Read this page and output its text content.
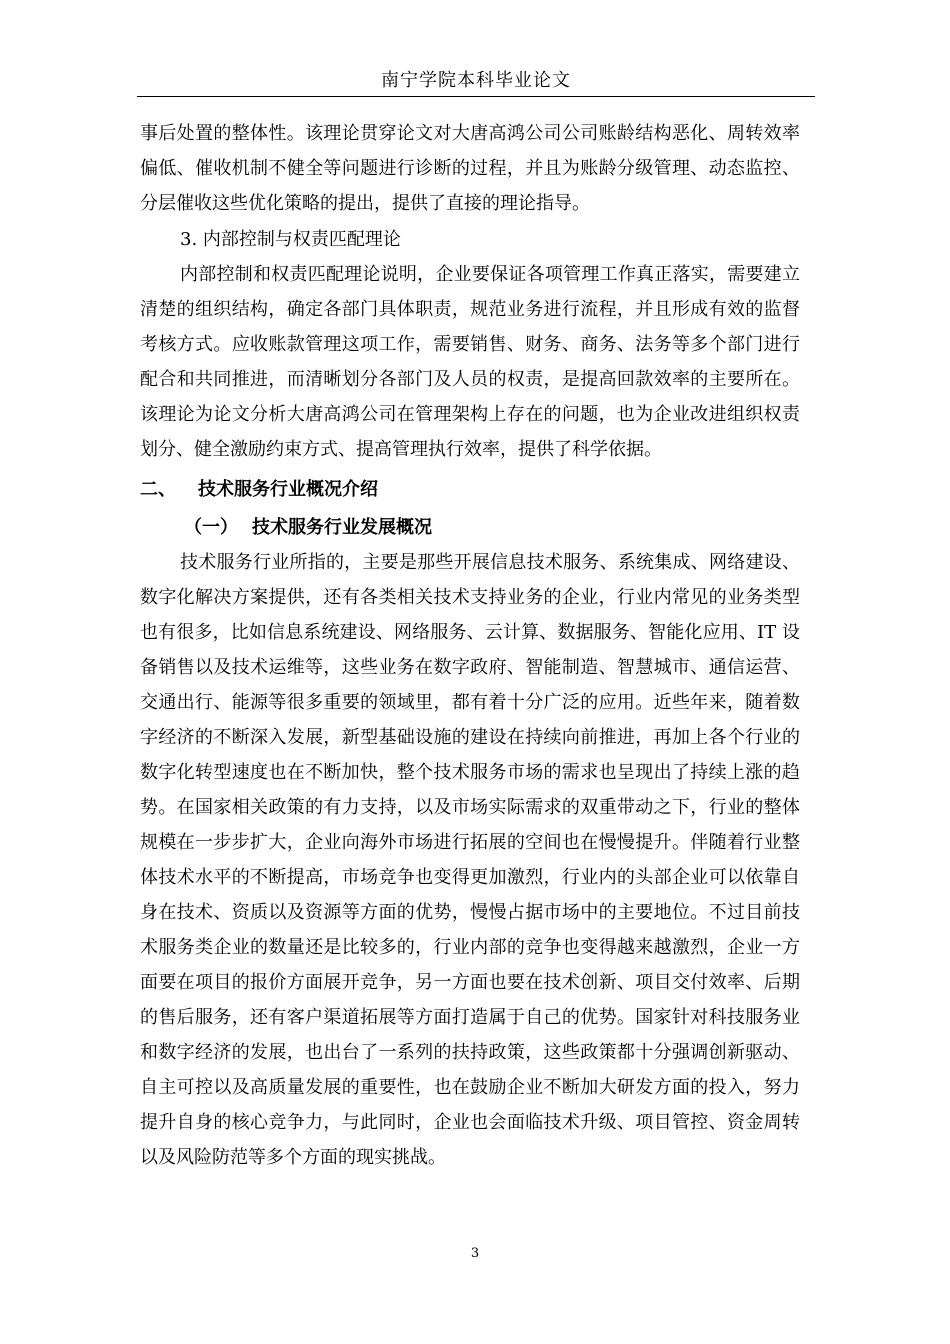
南宁学院本科毕业论文

事后处置的整体性。该理论贯穿论文对大唐高鸿公司公司账龄结构恶化、周转效率偏低、催收机制不健全等问题进行诊断的过程，并且为账龄分级管理、动态监控、分层催收这些优化策略的提出，提供了直接的理论指导。

3. 内部控制与权责匹配理论

内部控制和权责匹配理论说明，企业要保证各项管理工作真正落实，需要建立清楚的组织结构，确定各部门具体职责，规范业务进行流程，并且形成有效的监督考核方式。应收账款管理这项工作，需要销售、财务、商务、法务等多个部门进行配合和共同推进，而清晰划分各部门及人员的权责，是提高回款效率的主要所在。该理论为论文分析大唐高鸿公司在管理架构上存在的问题，也为企业改进组织权责划分、健全激励约束方式、提高管理执行效率，提供了科学依据。

二、 技术服务行业概况介绍
（一） 技术服务行业发展概况

技术服务行业所指的，主要是那些开展信息技术服务、系统集成、网络建设、数字化解决方案提供，还有各类相关技术支持业务的企业，行业内常见的业务类型也有很多，比如信息系统建设、网络服务、云计算、数据服务、智能化应用、IT 设备销售以及技术运维等，这些业务在数字政府、智能制造、智慧城市、通信运营、交通出行、能源等很多重要的领域里，都有着十分广泛的应用。近些年来，随着数字经济的不断深入发展，新型基础设施的建设在持续向前推进，再加上各个行业的数字化转型速度也在不断加快，整个技术服务市场的需求也呈现出了持续上涨的趋势。在国家相关政策的有力支持，以及市场实际需求的双重带动之下，行业的整体规模在一步步扩大，企业向海外市场进行拓展的空间也在慢慢提升。伴随着行业整体技术水平的不断提高，市场竞争也变得更加激烈，行业内的头部企业可以依靠自身在技术、资质以及资源等方面的优势，慢慢占据市场中的主要地位。不过目前技术服务类企业的数量还是比较多的，行业内部的竞争也变得越来越激烈，企业一方面要在项目的报价方面展开竞争，另一方面也要在技术创新、项目交付效率、后期的售后服务，还有客户渠道拓展等方面打造属于自己的优势。国家针对科技服务业和数字经济的发展，也出台了一系列的扶持政策，这些政策都十分强调创新驱动、自主可控以及高质量发展的重要性，也在鼓励企业不断加大研发方面的投入，努力提升自身的核心竞争力，与此同时，企业也会面临技术升级、项目管控、资金周转以及风险防范等多个方面的现实挑战。

3
